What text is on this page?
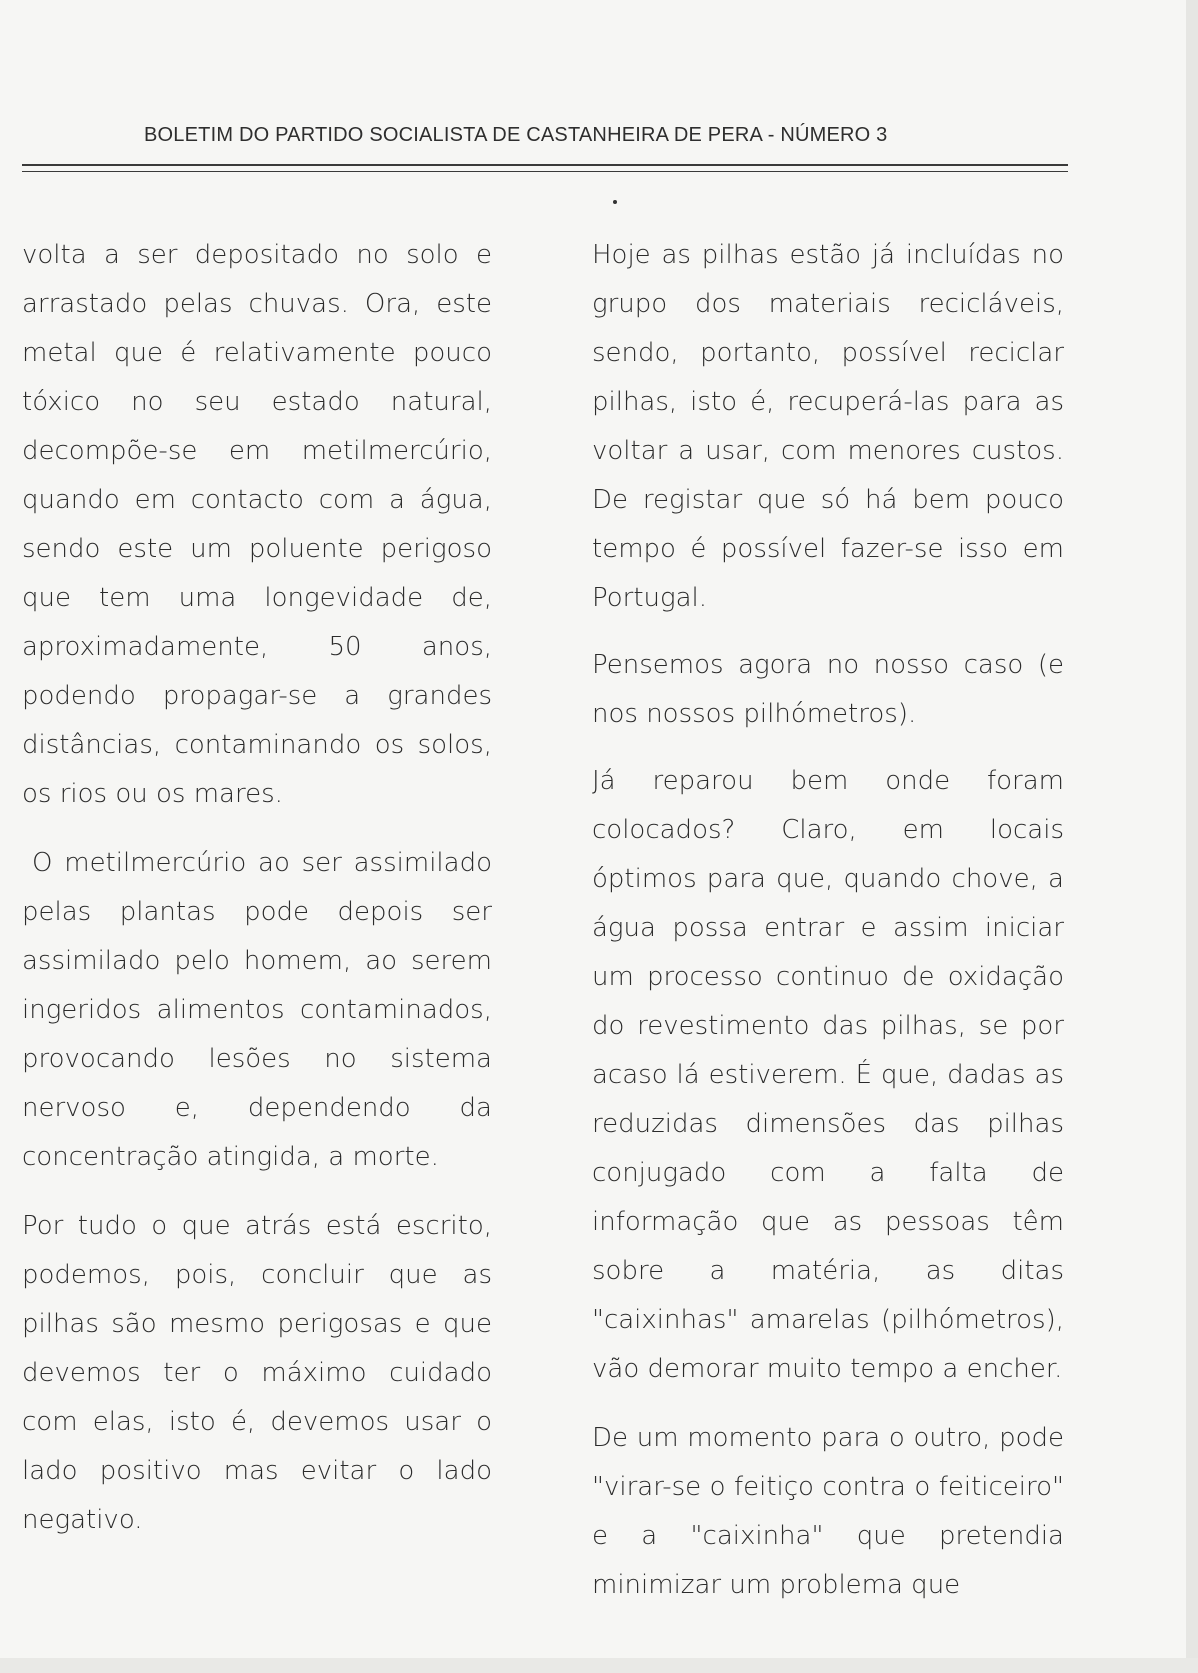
BOLETIM DO PARTIDO SOCIALISTA DE CASTANHEIRA DE PERA - NÚMERO 3

volta a ser depositado no solo e arrastado pelas chuvas. Ora, este metal que é relativamente pouco tóxico no seu estado natural, decompõe-se em metilmercúrio, quando em contacto com a água, sendo este um poluente perigoso que tem uma longevidade de, aproximadamente, 50 anos, podendo propagar-se a grandes distâncias, contaminando os solos, os rios ou os mares.

O metilmercúrio ao ser assimilado pelas plantas pode depois ser assimilado pelo homem, ao serem ingeridos alimentos contaminados, provocando lesões no sistema nervoso e, dependendo da concentração atingida, a morte.

Por tudo o que atrás está escrito, podemos, pois, concluir que as pilhas são mesmo perigosas e que devemos ter o máximo cuidado com elas, isto é, devemos usar o lado positivo mas evitar o lado negativo.

Hoje as pilhas estão já incluídas no grupo dos materiais recicláveis, sendo, portanto, possível reciclar pilhas, isto é, recuperá-las para as voltar a usar, com menores custos. De registar que só há bem pouco tempo é possível fazer-se isso em Portugal.

Pensemos agora no nosso caso (e nos nossos pilhómetros).

Já reparou bem onde foram colocados? Claro, em locais óptimos para que, quando chove, a água possa entrar e assim iniciar um processo continuo de oxidação do revestimento das pilhas, se por acaso lá estiverem. É que, dadas as reduzidas dimensões das pilhas conjugado com a falta de informação que as pessoas têm sobre a matéria, as ditas "caixinhas" amarelas (pilhómetros), vão demorar muito tempo a encher.

De um momento para o outro, pode "virar-se o feitiço contra o feiticeiro" e a "caixinha" que pretendia minimizar um problema que
